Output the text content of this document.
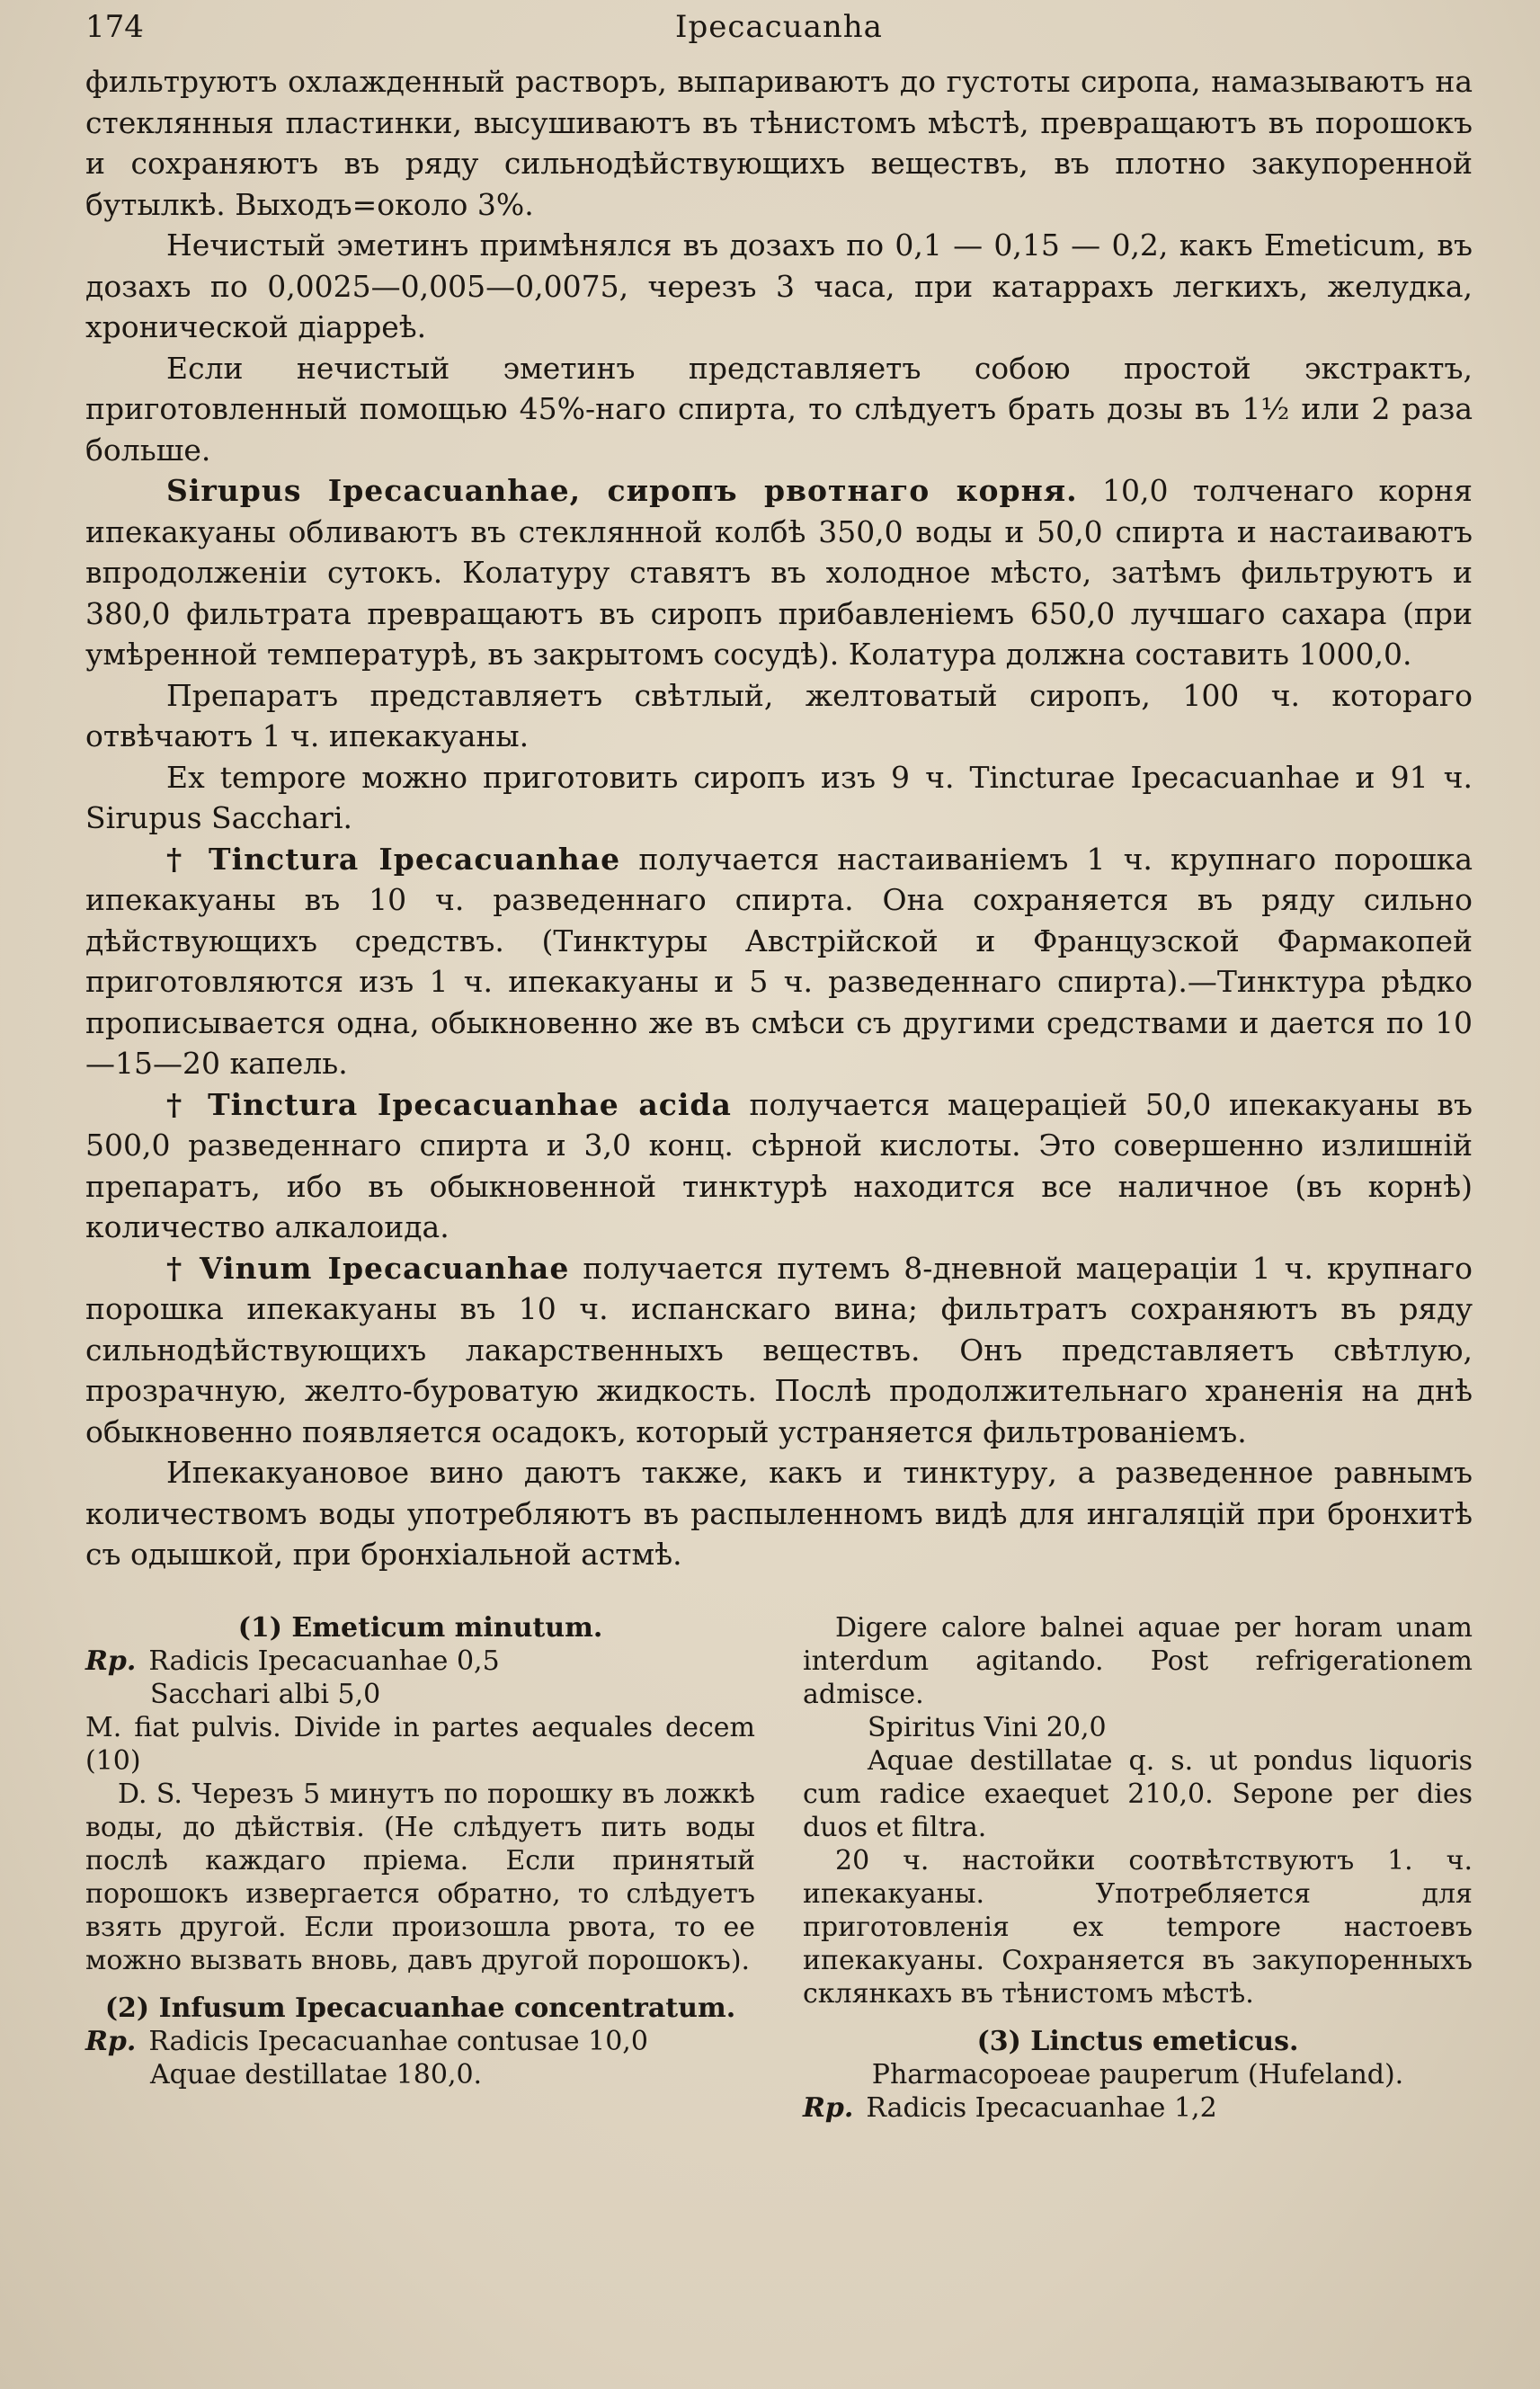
174	Ipecacuanha

фильтруютъ охлажденный растворъ, выпариваютъ до густоты сиропа, намазываютъ на стеклянныя пластинки, высушиваютъ въ тѣнистомъ мѣстѣ, превращаютъ въ порошокъ и сохраняютъ въ ряду сильнодѣйствующихъ веществъ, въ плотно закупоренной бутылкѣ. Выходъ=около 3%.

Нечистый эметинъ примѣнялся въ дозахъ по 0,1 — 0,15 — 0,2, какъ Emeticum, въ дозахъ по 0,0025—0,005—0,0075, черезъ 3 часа, при катаррахъ легкихъ, желудка, хронической діарреѣ.

Если нечистый эметинъ представляетъ собою простой экстрактъ, приготовленный помощью 45%-наго спирта, то слѣдуетъ брать дозы въ 1½ или 2 раза больше.

Sirupus Ipecacuanhae, сиропъ рвотнаго корня. 10,0 толченаго корня ипекакуаны обливаютъ въ стеклянной колбѣ 350,0 воды и 50,0 спирта и настаиваютъ впродолженіи сутокъ. Колатуру ставятъ въ холодное мѣсто, затѣмъ фильтруютъ и 380,0 фильтрата превращаютъ въ сиропъ прибавленіемъ 650,0 лучшаго сахара (при умѣренной температурѣ, въ закрытомъ сосудѣ). Колатура должна составить 1000,0.

Препаратъ представляетъ свѣтлый, желтоватый сиропъ, 100 ч. котораго отвѣчаютъ 1 ч. ипекакуаны.

Ex tempore можно приготовить сиропъ изъ 9 ч. Tincturae Ipecacuanhae и 91 ч. Sirupus Sacchari.

† Tinctura Ipecacuanhae получается настаиваніемъ 1 ч. крупнаго порошка ипекакуаны въ 10 ч. разведеннаго спирта. Она сохраняется въ ряду сильно дѣйствующихъ средствъ. (Тинктуры Австрійской и Французской Фармакопей приготовляются изъ 1 ч. ипекакуаны и 5 ч. разведеннаго спирта).—Тинктура рѣдко прописывается одна, обыкновенно же въ смѣси съ другими средствами и дается по 10—15—20 капель.

† Tinctura Ipecacuanhae acida получается мацераціей 50,0 ипекакуаны въ 500,0 разведеннаго спирта и 3,0 конц. сѣрной кислоты. Это совершенно излишній препаратъ, ибо въ обыкновенной тинктурѣ находится все наличное (въ корнѣ) количество алкалоида.

† Vinum Ipecacuanhae получается путемъ 8-дневной мацераціи 1 ч. крупнаго порошка ипекакуаны въ 10 ч. испанскаго вина; фильтратъ сохраняютъ въ ряду сильнодѣйствующихъ лакарственныхъ веществъ. Онъ представляетъ свѣтлую, прозрачную, желто-буроватую жидкость. Послѣ продолжительнаго храненія на днѣ обыкновенно появляется осадокъ, который устраняется фильтрованіемъ.

Ипекакуановое вино даютъ также, какъ и тинктуру, а разведенное равнымъ количествомъ воды употребляютъ въ распыленномъ видѣ для ингаляцій при бронхитѣ съ одышкой, при бронхіальной астмѣ.

(1) Emeticum minutum.

Rp. Radicis Ipecacuanhae 0,5

Sacchari albi 5,0

M. fiat pulvis. Divide in partes aequales decem (10)

D. S. Черезъ 5 минутъ по порошку въ ложкѣ воды, до дѣйствія. (Не слѣдуетъ пить воды послѣ каждаго пріема. Если принятый порошокъ извергается обратно, то слѣдуетъ взять другой. Если произошла рвота, то ее можно вызвать вновь, давъ другой порошокъ).

(2) Infusum Ipecacuanhae concentratum.

Rp. Radicis Ipecacuanhae contusae 10,0

Aquae destillatae 180,0.

Digere calore balnei aquae per horam unam interdum agitando. Post refrigerationem admisce.

Spiritus Vini 20,0

Aquae destillatae q. s. ut pondus liquoris cum radice exaequet 210,0. Sepone per dies duos et filtra.

20 ч. настойки соотвѣтствуютъ 1. ч. ипекакуаны. Употребляется для приготовленія ex tempore настоевъ ипекакуаны. Сохраняется въ закупоренныхъ склянкахъ въ тѣнистомъ мѣстѣ.

(3) Linctus emeticus.

Pharmacopoeae pauperum (Hufeland).

Rp. Radicis Ipecacuanhae 1,2
